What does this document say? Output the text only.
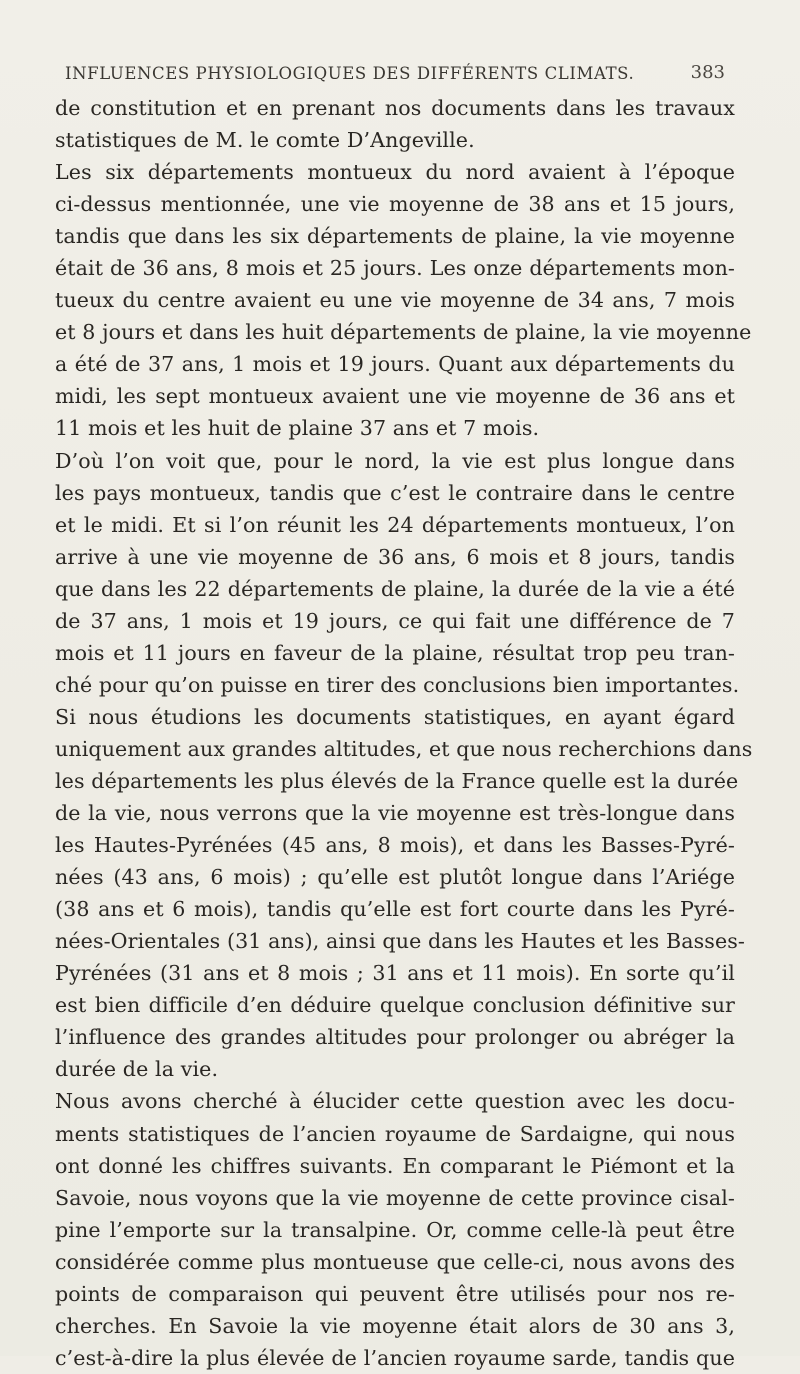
INFLUENCES PHYSIOLOGIQUES DES DIFFÉRENTS CLIMATS.	383
de constitution et en prenant nos documents dans les travaux
statistiques de M. le comte D’Angeville.
Les six départements montueux du nord avaient à l’époque
ci-dessus mentionnée, une vie moyenne de 38 ans et 15 jours,
tandis que dans les six départements de plaine, la vie moyenne
était de 36 ans, 8 mois et 25 jours. Les onze départements mon-
tueux du centre avaient eu une vie moyenne de 34 ans, 7 mois
et 8 jours et dans les huit départements de plaine, la vie moyenne
a été de 37 ans, 1 mois et 19 jours. Quant aux départements du
midi, les sept montueux avaient une vie moyenne de 36 ans et
11 mois et les huit de plaine 37 ans et 7 mois.
D’où l’on voit que, pour le nord, la vie est plus longue dans
les pays montueux, tandis que c’est le contraire dans le centre
et le midi. Et si l’on réunit les 24 départements montueux, l’on
arrive à une vie moyenne de 36 ans, 6 mois et 8 jours, tandis
que dans les 22 départements de plaine, la durée de la vie a été
de 37 ans, 1 mois et 19 jours, ce qui fait une différence de 7
mois et 11 jours en faveur de la plaine, résultat trop peu tran-
ché pour qu’on puisse en tirer des conclusions bien importantes.
Si nous étudions les documents statistiques, en ayant égard
uniquement aux grandes altitudes, et que nous recherchions dans
les départements les plus élevés de la France quelle est la durée
de la vie, nous verrons que la vie moyenne est très-longue dans
les Hautes-Pyrénées (45 ans, 8 mois), et dans les Basses-Pyré-
nées (43 ans, 6 mois) ; qu’elle est plutôt longue dans l’Ariége
(38 ans et 6 mois), tandis qu’elle est fort courte dans les Pyré-
nées-Orientales (31 ans), ainsi que dans les Hautes et les Basses-
Pyrénées (31 ans et 8 mois ; 31 ans et 11 mois). En sorte qu’il
est bien difficile d’en déduire quelque conclusion définitive sur
l’influence des grandes altitudes pour prolonger ou abréger la
durée de la vie.
Nous avons cherché à élucider cette question avec les docu-
ments statistiques de l’ancien royaume de Sardaigne, qui nous
ont donné les chiffres suivants. En comparant le Piémont et la
Savoie, nous voyons que la vie moyenne de cette province cisal-
pine l’emporte sur la transalpine. Or, comme celle-là peut être
considérée comme plus montueuse que celle-ci, nous avons des
points de comparaison qui peuvent être utilisés pour nos re-
cherches. En Savoie la vie moyenne était alors de 30 ans 3,
c’est-à-dire la plus élevée de l’ancien royaume sarde, tandis que
